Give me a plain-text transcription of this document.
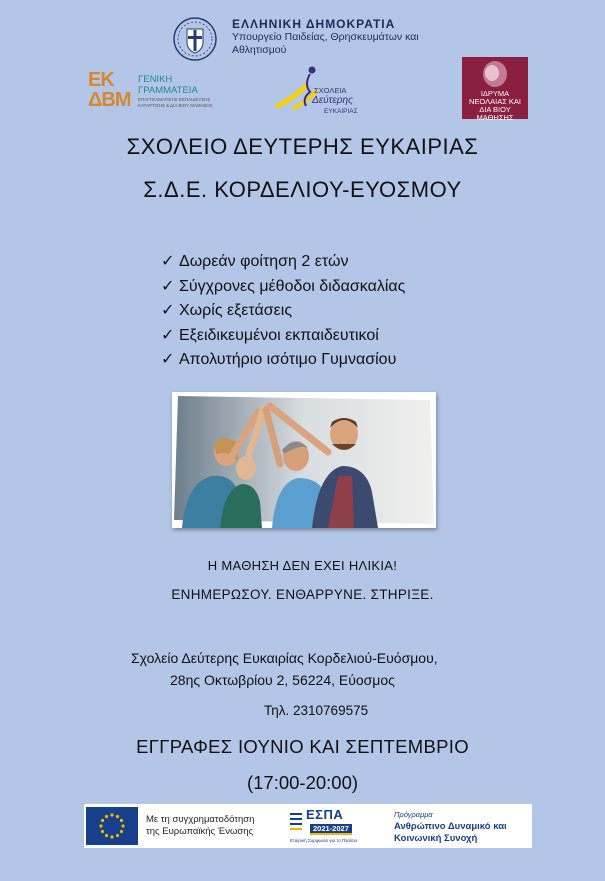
ΕΛΛΗΝΙΚΗ ΔΗΜΟΚΡΑΤΙΑ
Υπουργείο Παιδείας, Θρησκευμάτων και Αθλητισμού
ΕΚ ΔΒΜ
ΓΕΝΙΚΗ
ΓΡΑΜΜΑΤΕΙΑ
ΕΠΑΓΓΕΛΜΑΤΙΚΗΣ ΕΚΠΑΙΔΕΥΣΗΣ ΚΑΤΑΡΤΙΣΗΣ & ΔΙΑ ΒΙΟΥ ΜΑΘΗΣΗΣ
ΣΧΟΛΕΙΑ
Δεύτερης
ΕΥΚΑΙΡΙΑΣ
ΙΔΡΥΜΑ ΝΕΟΛΑΙΑΣ ΚΑΙ ΔΙΑ ΒΙΟΥ ΜΑΘΗΣΗΣ
ΣΧΟΛΕΙΟ ΔΕΥΤΕΡΗΣ ΕΥΚΑΙΡΙΑΣ
Σ.Δ.Ε. ΚΟΡΔΕΛΙΟΥ-ΕΥΟΣΜΟΥ
✓ Δωρεάν φοίτηση 2 ετών
✓ Σύγχρονες μέθοδοι διδασκαλίας
✓ Χωρίς εξετάσεις
✓ Εξειδικευμένοι εκπαιδευτικοί
✓ Απολυτήριο ισότιμο Γυμνασίου
Η ΜΑΘΗΣΗ ΔΕΝ ΕΧΕΙ ΗΛΙΚΙΑ!
ΕΝΗΜΕΡΩΣΟΥ. ΕΝΘΑΡΡΥΝΕ. ΣΤΗΡΙΞΕ.
Σχολείο Δεύτερης Ευκαιρίας Κορδελιού-Ευόσμου,
28ης Οκτωβρίου 2, 56224, Εύοσμος
Τηλ. 2310769575
ΕΓΓΡΑΦΕΣ ΙΟΥΝΙΟ ΚΑΙ ΣΕΠΤΕΜΒΡΙΟ
(17:00-20:00)
Με τη συγχρηματοδότηση
της Ευρωπαϊκής Ένωσης
ΕΣΠΑ
2021-2027
Εταιρική Συμφωνία για το Πλαίσιο
Πρόγραμμα
Ανθρώπινο Δυναμικό και
Κοινωνική Συνοχή
